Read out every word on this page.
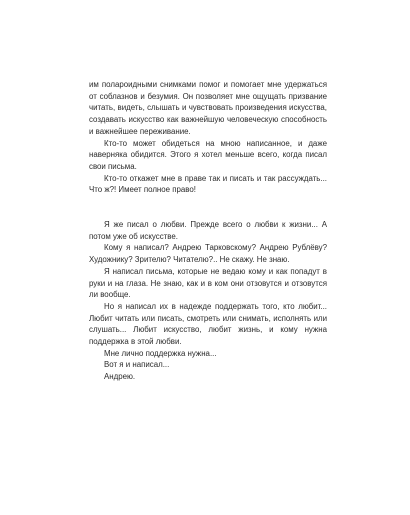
им полароидными снимками помог и помогает мне удержаться от соблазнов и безумия. Он позволяет мне ощущать призвание читать, видеть, слышать и чувствовать произведения искусства, создавать искусство как важнейшую человеческую способность и важнейшее переживание.

Кто-то может обидеться на мною написанное, и даже наверняка обидится. Этого я хотел меньше всего, когда писал свои письма.

Кто-то откажет мне в праве так и писать и так рассуждать... Что ж?! Имеет полное право!

Я же писал о любви. Прежде всего о любви к жизни... А потом уже об искусстве.

Кому я написал? Андрею Тарковскому? Андрею Рублёву? Художнику? Зрителю? Читателю?.. Не скажу. Не знаю.

Я написал письма, которые не ведаю кому и как попадут в руки и на глаза. Не знаю, как и в ком они отзовутся и отзовутся ли вообще.

Но я написал их в надежде поддержать того, кто любит... Любит читать или писать, смотреть или снимать, исполнять или слушать... Любит искусство, любит жизнь, и кому нужна поддержка в этой любви.

Мне лично поддержка нужна...

Вот я и написал...

Андрею.
